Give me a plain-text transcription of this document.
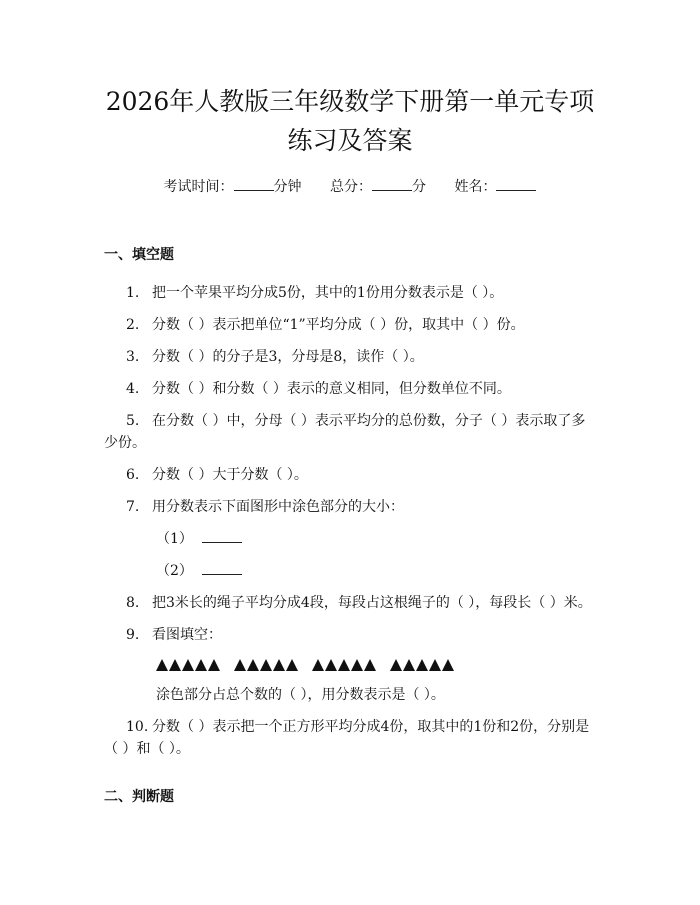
2026年人教版三年级数学下册第一单元专项
练习及答案
考试时间：	分钟 总分：	分 姓名：
一、填空题
1. 把一个苹果平均分成5份，其中的1份用分数表示是（ ）。
2. 分数（ ）表示把单位“1”平均分成（ ）份，取其中（ ）份。
3. 分数（ ）的分子是3，分母是8，读作（ ）。
4. 分数（ ）和分数（ ）表示的意义相同，但分数单位不同。
5. 在分数（ ）中，分母（ ）表示平均分的总份数，分子（ ）表示取了多少份。
6. 分数（ ）大于分数（ ）。
7. 用分数表示下面图形中涂色部分的大小：
（1）
（2）
8. 把3米长的绳子平均分成4段，每段占这根绳子的（ ），每段长（ ）米。
9. 看图填空：
涂色部分占总个数的（ ），用分数表示是（ ）。
10. 分数（ ）表示把一个正方形平均分成4份，取其中的1份和2份，分别是（ ）和（ ）。
二、判断题
